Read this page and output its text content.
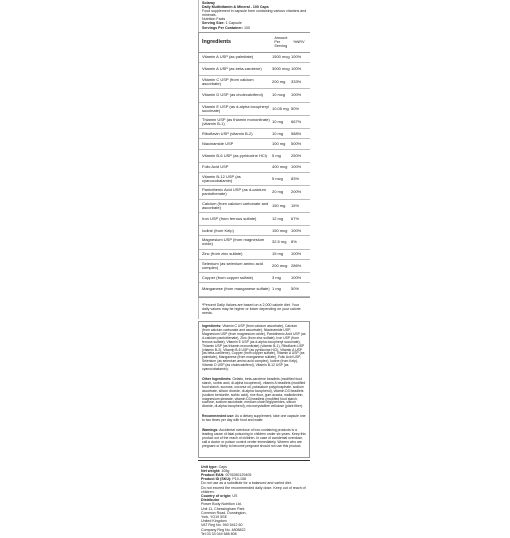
Solaray
Daily Multivitamin & Mineral - 100 Caps
Food supplement in capsule form containing various vitamins and minerals.
Nutrition Facts
Serving Size: 1 Capsule
Servings Per Container: 100
Ingredients
Amount Per Serving
%NRV
Vitamin A USP (as palmitate)	1500 mcg 100%
Vitamin A USP (as beta-carotene)	3000 mcg 100%
Vitamin C USP (from calcium ascorbate)	200 mg	333%
Vitamin D USP (as cholecalciferol)	10 mcg	100%
Vitamin E USP (as d-alpha tocopheryl succinate)	10.05 mg 50%
Thiamin USP (as thiamin mononitrate) (vitamin B-1)	10 mg	667%
Riboflavin USP (vitamin B-2)	10 mg	588%
Niacinamide USP	100 mg	500%
Vitamin B-6 USP (as pyridoxine HCl)	5 mg	250%
Folic Acid USP	400 mcg 100%
Vitamin B-12 USP (as cyanocobalamin)	5 mcg	83%
Pantothenic Acid USP (as d-calcium pantothenate)	20 mg	200%
Calcium (from calcium carbonate and ascorbate)	150 mg	15%
Iron USP (from ferrous sulfate)	12 mg	67%
Iodine (from Kelp)	150 mcg 100%
Magnesium USP (from magnesium oxide)	32.5 mg	8%
Zinc (from zinc sulfate)	15 mg	100%
Selenium (as selenium amino acid complex)	200 mcg 286%
Copper (from copper sulfate)	3 mg	100%
Manganese (from manganese sulfate) 1 mg	50%
*Percent Daily Values are based on a 2,000 calorie diet. Your daily values may be higher or lower depending on your calorie needs.

Ingredients: Vitamin C USP (from calcium ascorbate), Calcium (from calcium carbonate and ascorbate), Niacinamide USP, Magnesium USP (from magnesium oxide), Pantothenic Acid USP (as d-calcium pantothenate), Zinc (from zinc sulfate), Iron USP (from ferrous sulfate), Vitamin E USP (as d-alpha tocopheryl succinate), Thiamin USP (as thiamin mononitrate) (vitamin B-1), Riboflavin USP (vitamin B-2), Vitamin B-6 USP (as pyridoxine HCl), Vitamin A USP (as beta-carotene), Copper (from copper sulfate), Vitamin A USP (as palmitate), Manganese (from manganese sulfate), Folic Acid USP, Selenium (as selenium amino acid complex), Iodine (from Kelp), Vitamin D USP (as cholecalciferol), Vitamin B-12 USP (as cyanocobalamin).

Other Ingredients: Gelatin, beta-carotene beadlets (modified food starch, sorbic acid, dl-alpha tocopherol), vitamin A beadlets (modified food starch, sucrose, coconut oil, potassium polyphosphate, sodium ascorbate, silicon dioxide, dl-alpha tocopherol), vitamin D3 beadlets (sodium bentonite, sorbic acid), rice flour, gum acacia, maltodextrin, magnesium stearate, vitamin D3 beadlets (modified food starch, sucrose, sodium ascorbate, medium chain triglycerides, silicon dioxide, dl-alpha tocopherol), microcrystalline cellulose (plant fiber).

Recommended use: As a dietary supplement, take one capsule one to two times per day with food and water.

Warnings: Accidental overdose of iron-containing products is a leading cause of fatal poisoning in children under six years. Keep this product out of the reach of children. In case of accidental overdose, call a doctor or poison control center immediately. Women who are pregnant or likely to become pregnant should not use this product.

Unit type: Caps
Net weight: 105g
Product EAN: 0076280129405
Product ID (SKU): P10-158
Do not use as a substitute for a balanced and varied diet.
Do not exceed the recommended daily dose. Keep out of reach of children.
Country of origin: US
Distributor
Power Body Nutrition Ltd.
Unit 11, Chessingham Park
Common Road, Dunnington,
York, YO19 5SE
United Kingdom
VAT Reg No. 940 5412 60
Company Reg No. 4808822
Tel 03 33 044 688 808
